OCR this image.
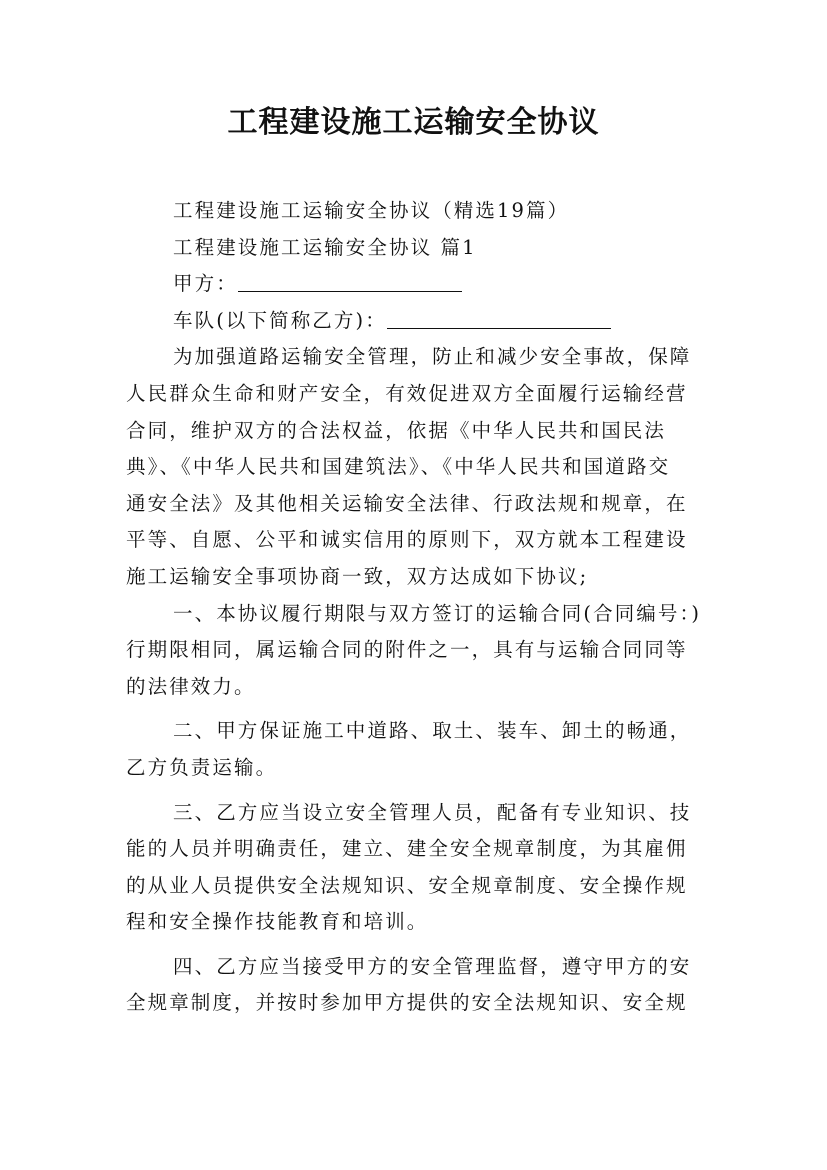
工程建设施工运输安全协议

工程建设施工运输安全协议（精选19篇）

工程建设施工运输安全协议 篇1

甲方：

车队(以下简称乙方)：

为加强道路运输安全管理，防止和减少安全事故，保障

人民群众生命和财产安全，有效促进双方全面履行运输经营

合同，维护双方的合法权益，依据《中华人民共和国民法

典》、《中华人民共和国建筑法》、《中华人民共和国道路交

通安全法》及其他相关运输安全法律、行政法规和规章，在

平等、自愿、公平和诚实信用的原则下，双方就本工程建设

施工运输安全事项协商一致，双方达成如下协议;

一、本协议履行期限与双方签订的运输合同(合同编号：)

行期限相同，属运输合同的附件之一，具有与运输合同同等

的法律效力。

二、甲方保证施工中道路、取土、装车、卸土的畅通，

乙方负责运输。

三、乙方应当设立安全管理人员，配备有专业知识、技

能的人员并明确责任，建立、建全安全规章制度，为其雇佣

的从业人员提供安全法规知识、安全规章制度、安全操作规

程和安全操作技能教育和培训。

四、乙方应当接受甲方的安全管理监督，遵守甲方的安

全规章制度，并按时参加甲方提供的安全法规知识、安全规
